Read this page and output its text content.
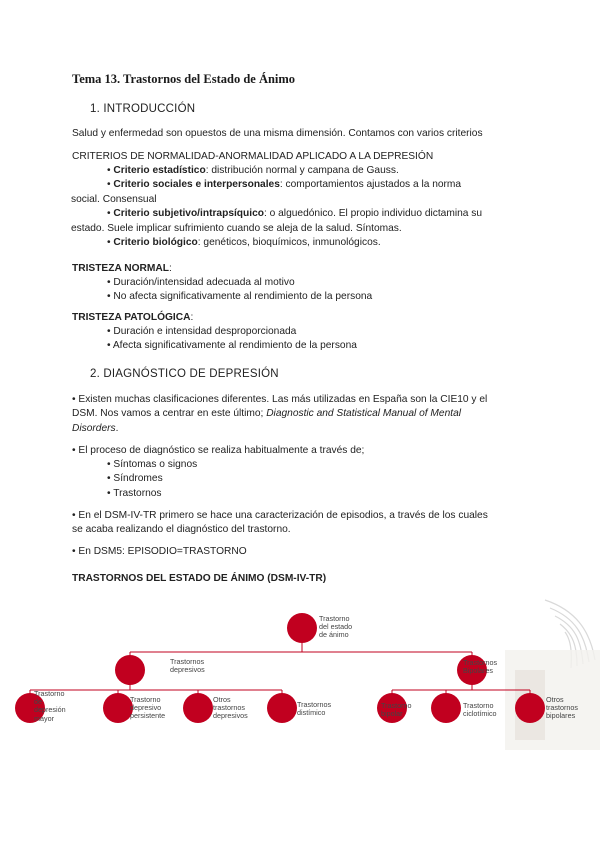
Tema 13. Trastornos del Estado de Ánimo
1. INTRODUCCIÓN
Salud y enfermedad son opuestos de una misma dimensión. Contamos con varios criterios
CRITERIOS DE NORMALIDAD-ANORMALIDAD APLICADO A LA DEPRESIÓN
• Criterio estadístico: distribución normal y campana de Gauss.
• Criterio sociales e interpersonales: comportamientos ajustados a la norma
social. Consensual
• Criterio subjetivo/intrapsíquico: o alguedónico. El propio individuo dictamina su
estado. Suele implicar sufrimiento cuando se aleja de la salud. Síntomas.
• Criterio biológico: genéticos, bioquímicos, inmunológicos.
TRISTEZA NORMAL:
• Duración/intensidad adecuada al motivo
• No afecta significativamente al rendimiento de la persona
TRISTEZA PATOLÓGICA:
• Duración e intensidad desproporcionada
• Afecta significativamente al rendimiento de la persona
2. DIAGNÓSTICO DE DEPRESIÓN
• Existen muchas clasificaciones diferentes. Las más utilizadas en España son la CIE10 y el
DSM. Nos vamos a centrar en este último; Diagnostic and Statistical Manual of Mental
Disorders.
• El proceso de diagnóstico se realiza habitualmente a través de;
• Síntomas o signos
• Síndromes
• Trastornos
• En el DSM-IV-TR primero se hace una caracterización de episodios, a través de los cuales
se acaba realizando el diagnóstico del trastorno.
• En DSM5: EPISODIO=TRASTORNO
TRASTORNOS DEL ESTADO DE ÁNIMO (DSM-IV-TR)
Trastorno
del estado
de ánimo
Trastornos
depresivos
Trastornos
Bipolares
Trastorno
de
depresión
mayor
Trastorno
depresivo
persistente
Otros
trastornos
depresivos
Trastornos
distímico
Trastorno
bipolar
Trastorno
ciclotímico
Otros
trastornos
bipolares
